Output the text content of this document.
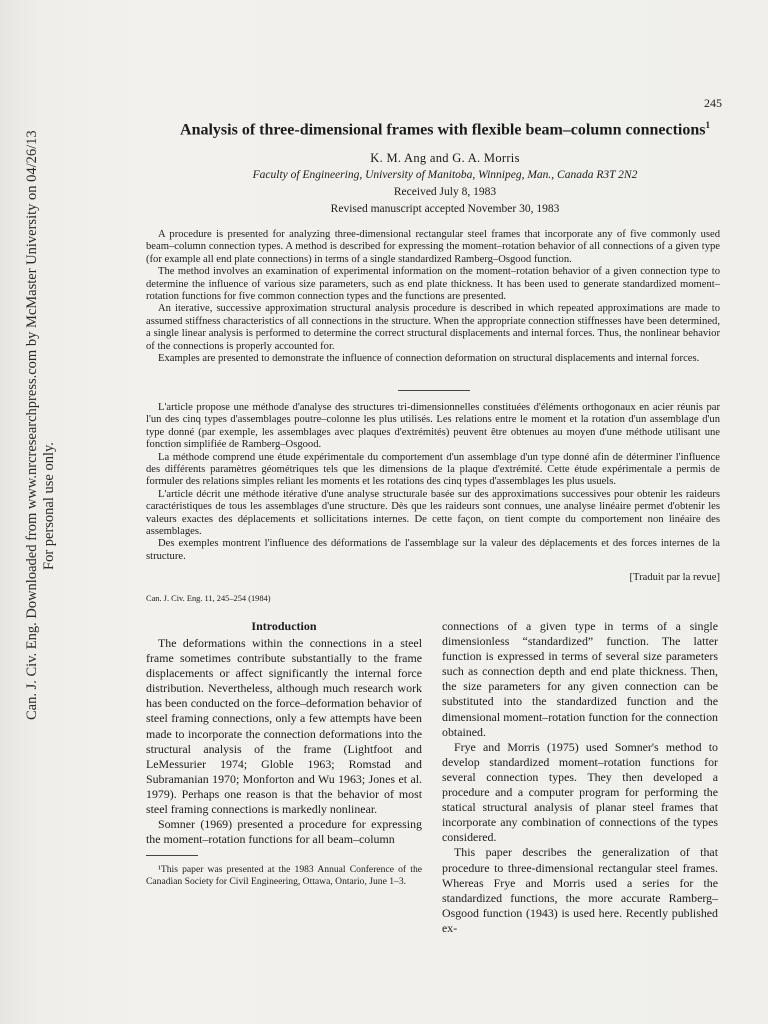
Can. J. Civ. Eng. Downloaded from www.nrcresearchpress.com by McMaster University on 04/26/13 For personal use only.
245
Analysis of three-dimensional frames with flexible beam–column connections$^1$
K. M. Ang and G. A. Morris
Faculty of Engineering, University of Manitoba, Winnipeg, Man., Canada R3T 2N2
Received July 8, 1983
Revised manuscript accepted November 30, 1983

A procedure is presented for analyzing three-dimensional rectangular steel frames that incorporate any of five commonly used beam–column connection types. A method is described for expressing the moment–rotation behavior of all connections of a given type (for example all end plate connections) in terms of a single standardized Ramberg–Osgood function.

The method involves an examination of experimental information on the moment–rotation behavior of a given connection type to determine the influence of various size parameters, such as end plate thickness. It has been used to generate standardized moment–rotation functions for five common connection types and the functions are presented.

An iterative, successive approximation structural analysis procedure is described in which repeated approximations are made to assumed stiffness characteristics of all connections in the structure. When the appropriate connection stiffnesses have been determined, a single linear analysis is performed to determine the correct structural displacements and internal forces. Thus, the nonlinear behavior of the connections is properly accounted for.

Examples are presented to demonstrate the influence of connection deformation on structural displacements and internal forces.

L'article propose une méthode d'analyse des structures tri-dimensionnelles constituées d'éléments orthogonaux en acier réunis par l'un des cinq types d'assemblages poutre–colonne les plus utilisés. Les relations entre le moment et la rotation d'un assemblage d'un type donné (par exemple, les assemblages avec plaques d'extrémités) peuvent être obtenues au moyen d'une méthode utilisant une fonction simplifiée de Ramberg–Osgood.

La méthode comprend une étude expérimentale du comportement d'un assemblage d'un type donné afin de déterminer l'influence des différents paramètres géométriques tels que les dimensions de la plaque d'extrémité. Cette étude expérimentale a permis de formuler des relations simples reliant les moments et les rotations des cinq types d'assemblages les plus usuels.

L'article décrit une méthode itérative d'une analyse structurale basée sur des approximations successives pour obtenir les raideurs caractéristiques de tous les assemblages d'une structure. Dès que les raideurs sont connues, une analyse linéaire permet d'obtenir les valeurs exactes des déplacements et sollicitations internes. De cette façon, on tient compte du comportement non linéaire des assemblages.

Des exemples montrent l'influence des déformations de l'assemblage sur la valeur des déplacements et des forces internes de la structure.

[Traduit par la revue]
Can. J. Civ. Eng. 11, 245–254 (1984)
Introduction

The deformations within the connections in a steel frame sometimes contribute substantially to the frame displacements or affect significantly the internal force distribution. Nevertheless, although much research work has been conducted on the force–deformation behavior of steel framing connections, only a few attempts have been made to incorporate the connection deformations into the structural analysis of the frame (Lightfoot and LeMessurier 1974; Globle 1963; Romstad and Subramanian 1970; Monforton and Wu 1963; Jones et al. 1979). Perhaps one reason is that the behavior of most steel framing connections is markedly nonlinear.

Somner (1969) presented a procedure for expressing the moment–rotation functions for all beam–column

¹This paper was presented at the 1983 Annual Conference of the Canadian Society for Civil Engineering, Ottawa, Ontario, June 1–3.

connections of a given type in terms of a single dimensionless “standardized” function. The latter function is expressed in terms of several size parameters such as connection depth and end plate thickness. Then, the size parameters for any given connection can be substituted into the standardized function and the dimensional moment–rotation function for the connection obtained.

Frye and Morris (1975) used Somner's method to develop standardized moment–rotation functions for several connection types. They then developed a procedure and a computer program for performing the statical structural analysis of planar steel frames that incorporate any combination of connections of the types considered.

This paper describes the generalization of that procedure to three-dimensional rectangular steel frames. Whereas Frye and Morris used a series for the standardized functions, the more accurate Ramberg–Osgood function (1943) is used here. Recently published ex-
